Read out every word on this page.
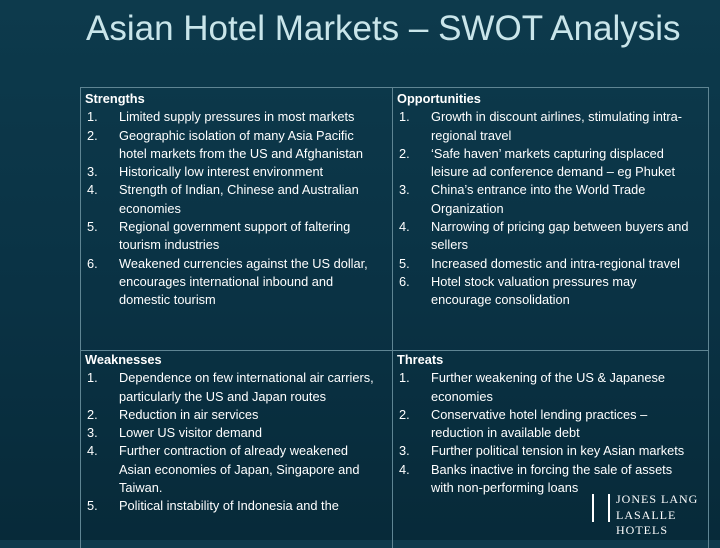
Asian Hotel Markets – SWOT Analysis
Strengths
1. Limited supply pressures in most markets
2. Geographic isolation of many Asia Pacific hotel markets from the US and Afghanistan
3. Historically low interest environment
4. Strength of Indian, Chinese and Australian economies
5. Regional government support of faltering tourism industries
6. Weakened currencies against the US dollar, encourages international inbound and domestic tourism
Opportunities
1. Growth in discount airlines, stimulating intra-regional travel
2. ‘Safe haven’ markets capturing displaced leisure ad conference demand – eg Phuket
3. China’s entrance into the World Trade Organization
4. Narrowing of pricing gap between buyers and sellers
5. Increased domestic and intra-regional travel
6. Hotel stock valuation pressures may encourage consolidation
Weaknesses
1. Dependence on few international air carriers, particularly the US and Japan routes
2. Reduction in air services
3. Lower US visitor demand
4. Further contraction of already weakened Asian economies of Japan, Singapore and Taiwan.
5. Political instability of Indonesia and the
Threats
1. Further weakening of the US & Japanese economies
2. Conservative hotel lending practices – reduction in available debt
3. Further political tension in key Asian markets
4. Banks inactive in forcing the sale of assets with non-performing loans
JONES LANG
LASALLE HOTELS
